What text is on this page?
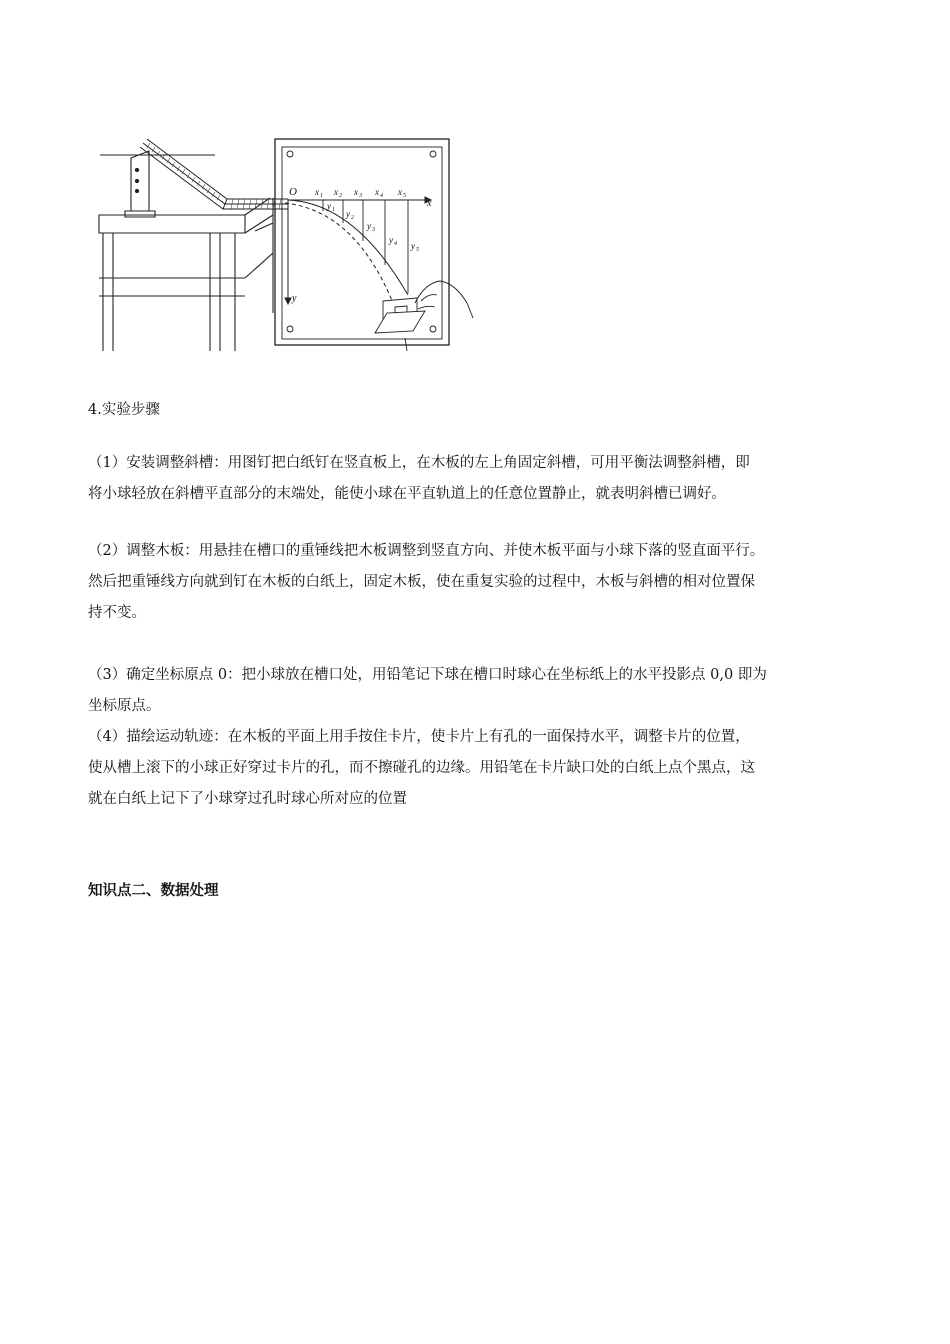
O
x
y
x 1 x 2 x 3 x 4 x 5
y 1 y 2
y 3
y 4 y 5
4.实验步骤

（1）安装调整斜槽：用图钉把白纸钉在竖直板上，在木板的左上角固定斜槽，可用平衡法调整斜槽，即

将小球轻放在斜槽平直部分的末端处，能使小球在平直轨道上的任意位置静止，就表明斜槽已调好。

（2）调整木板：用悬挂在槽口的重锤线把木板调整到竖直方向、并使木板平面与小球下落的竖直面平行。

然后把重锤线方向就到钉在木板的白纸上，固定木板，使在重复实验的过程中，木板与斜槽的相对位置保

持不变。

（3）确定坐标原点 0：把小球放在槽口处，用铅笔记下球在槽口时球心在坐标纸上的水平投影点 0,0 即为

坐标原点。

（4）描绘运动轨迹：在木板的平面上用手按住卡片，使卡片上有孔的一面保持水平，调整卡片的位置，

使从槽上滚下的小球正好穿过卡片的孔，而不擦碰孔的边缘。用铅笔在卡片缺口处的白纸上点个黑点，这

就在白纸上记下了小球穿过孔时球心所对应的位置

知识点二、数据处理
